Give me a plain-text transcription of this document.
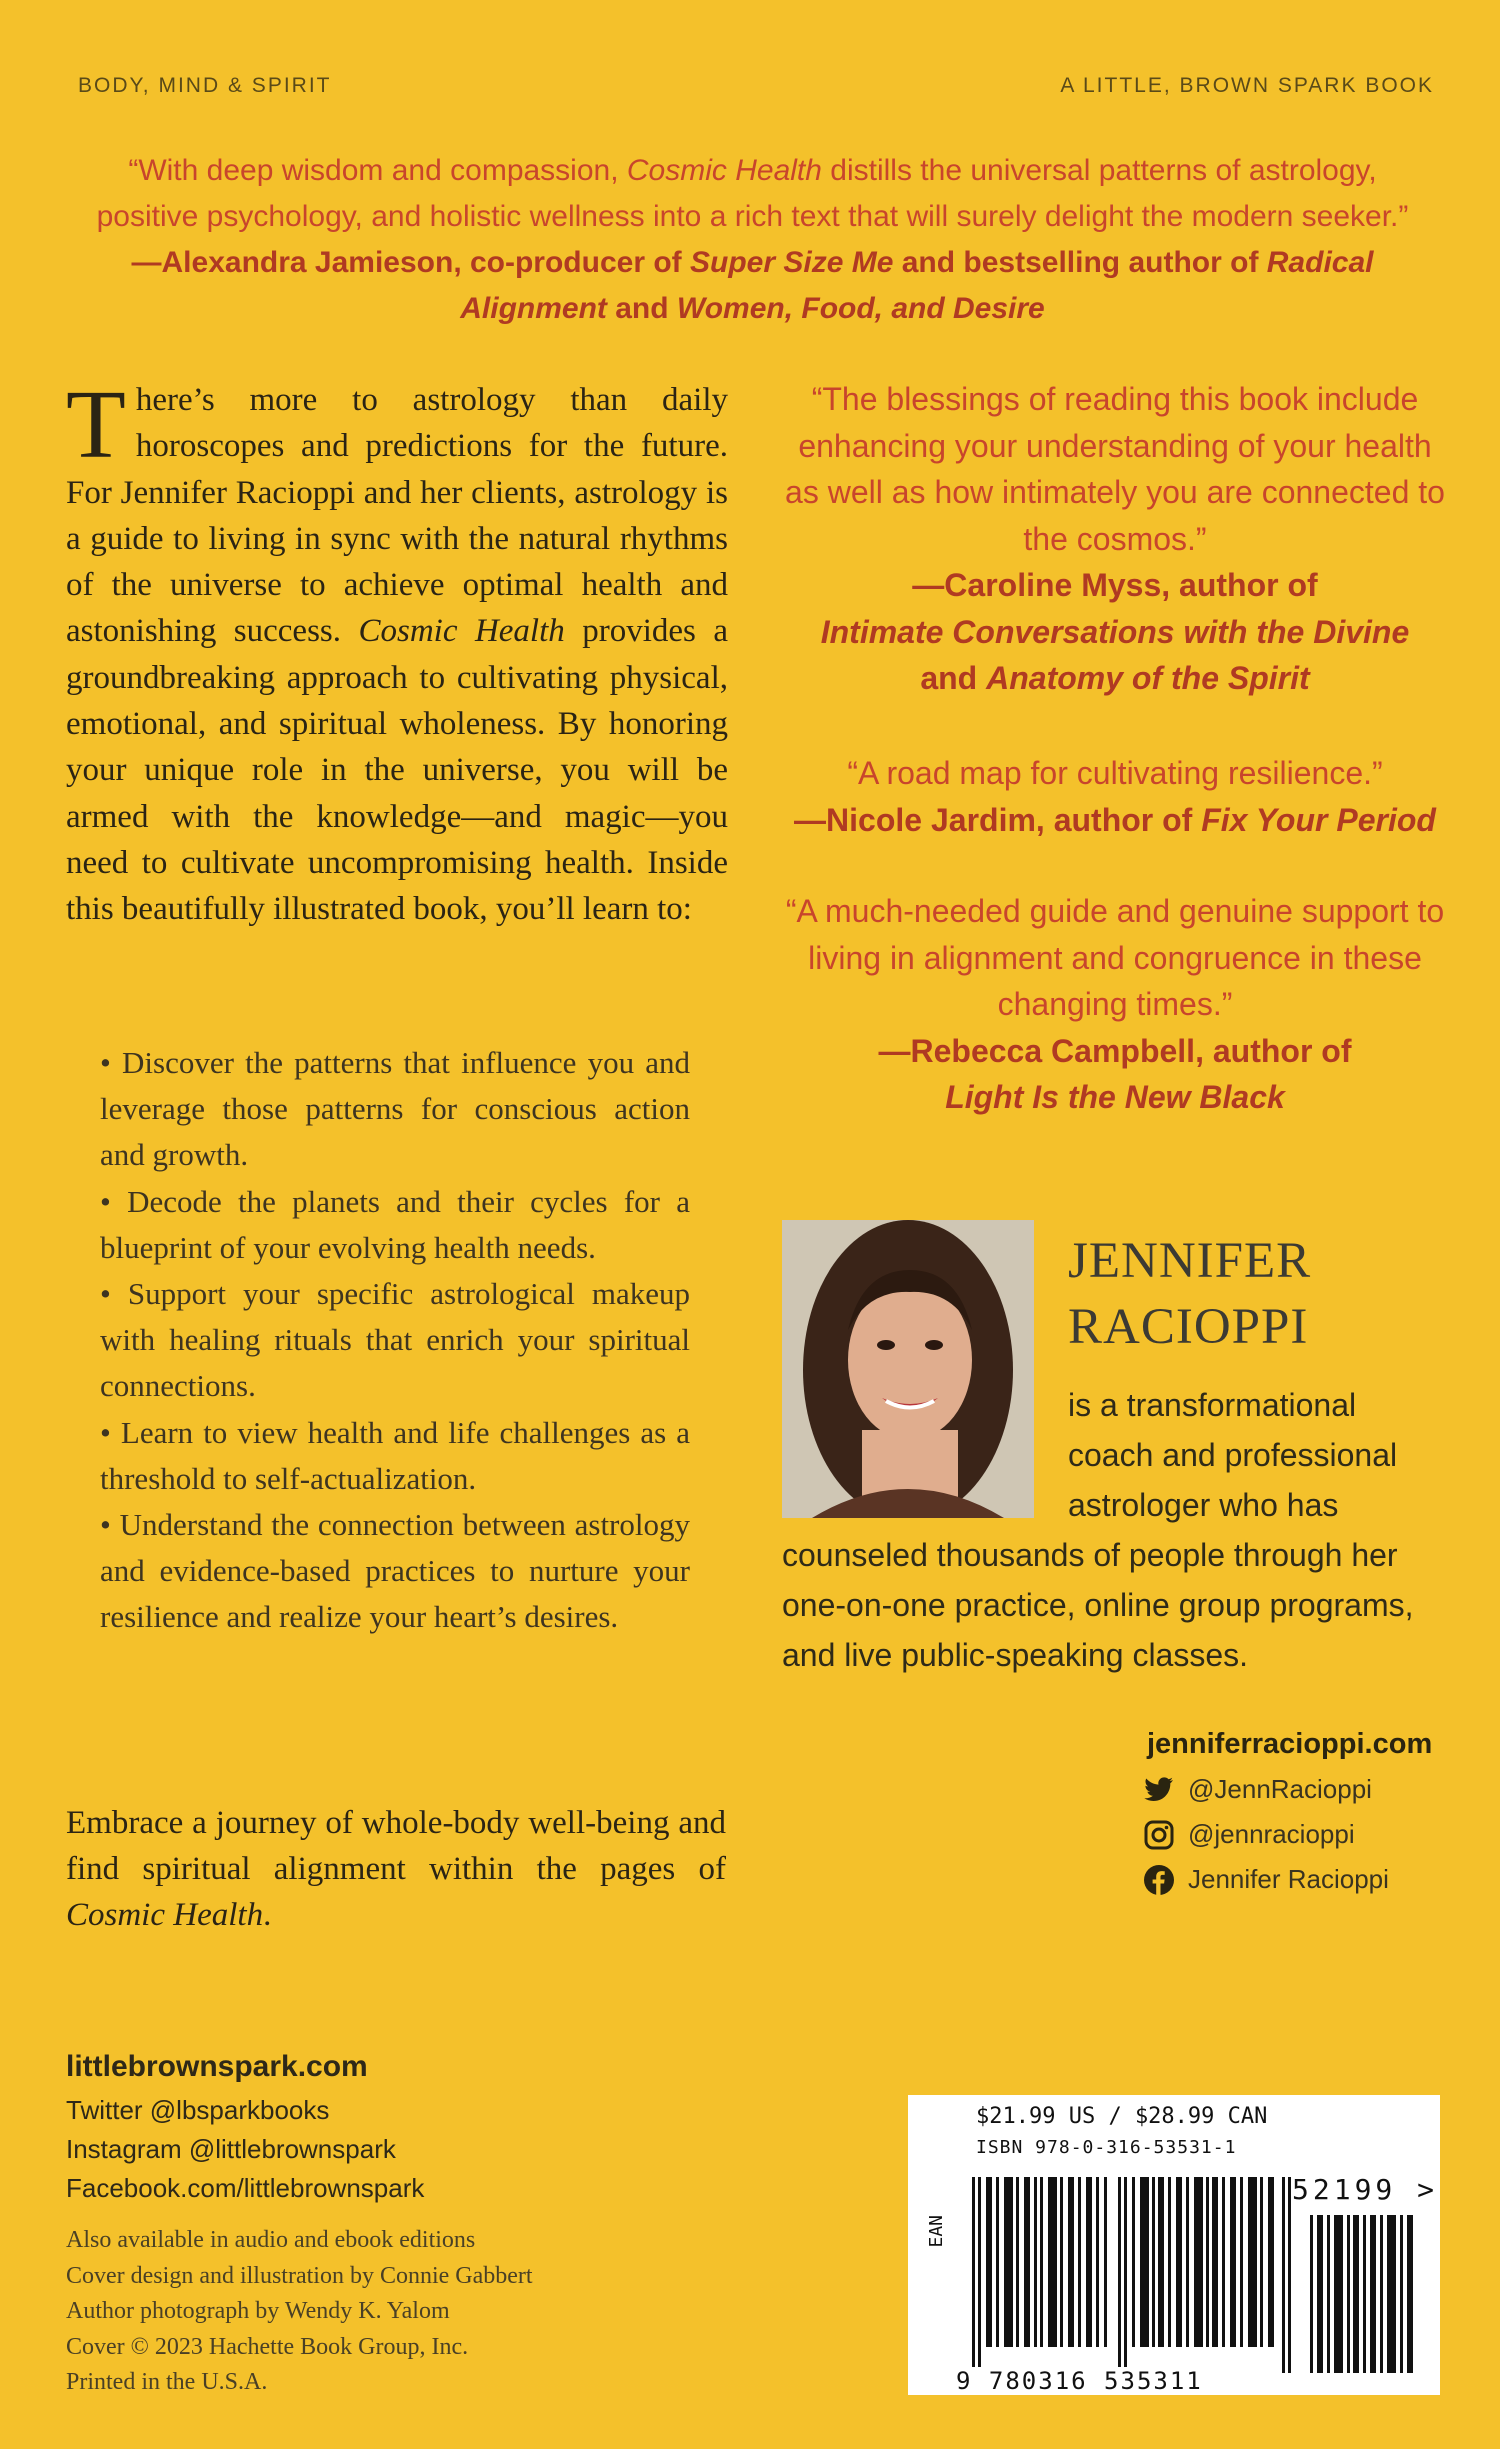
BODY, MIND & SPIRIT	A LITTLE, BROWN SPARK BOOK
“With deep wisdom and compassion, Cosmic Health distills the universal patterns of astrology, positive psychology, and holistic wellness into a rich text that will surely delight the modern seeker.” —Alexandra Jamieson, co-producer of Super Size Me and bestselling author of Radical Alignment and Women, Food, and Desire
There’s more to astrology than daily horoscopes and predictions for the future. For Jennifer Racioppi and her clients, astrology is a guide to living in sync with the natural rhythms of the universe to achieve optimal health and astonishing success. Cosmic Health provides a groundbreaking approach to cultivating physical, emotional, and spiritual wholeness. By honoring your unique role in the universe, you will be armed with the knowledge—and magic—you need to cultivate uncompromising health. Inside this beautifully illustrated book, you’ll learn to:
• Discover the patterns that influence you and leverage those patterns for conscious action and growth.
• Decode the planets and their cycles for a blueprint of your evolving health needs.
• Support your specific astrological makeup with healing rituals that enrich your spiritual connections.
• Learn to view health and life challenges as a threshold to self-actualization.
• Understand the connection between astrology and evidence-based practices to nurture your resilience and realize your heart’s desires.
Embrace a journey of whole-body well-being and find spiritual alignment within the pages of Cosmic Health.
“The blessings of reading this book include enhancing your understanding of your health as well as how intimately you are connected to the cosmos.”
—Caroline Myss, author of
Intimate Conversations with the Divine
and Anatomy of the Spirit
“A road map for cultivating resilience.”
—Nicole Jardim, author of Fix Your Period
“A much-needed guide and genuine support to living in alignment and congruence in these changing times.”
—Rebecca Campbell, author of
Light Is the New Black
JENNIFER
RACIOPPI
is a transformational coach and professional astrologer who has
counseled thousands of people through her one-on-one practice, online group programs, and live public-speaking classes.
jenniferracioppi.com
@JennRacioppi
@jennracioppi
Jennifer Racioppi
littlebrownspark.com
Twitter @lbsparkbooks
Instagram @littlebrownspark
Facebook.com/littlebrownspark
Also available in audio and ebook editions
Cover design and illustration by Connie Gabbert
Author photograph by Wendy K. Yalom
Cover © 2023 Hachette Book Group, Inc.
Printed in the U.S.A.
$21.99 US / $28.99 CAN
ISBN 978-0-316-53531-1
EAN
52199 >
9 780316 535311
